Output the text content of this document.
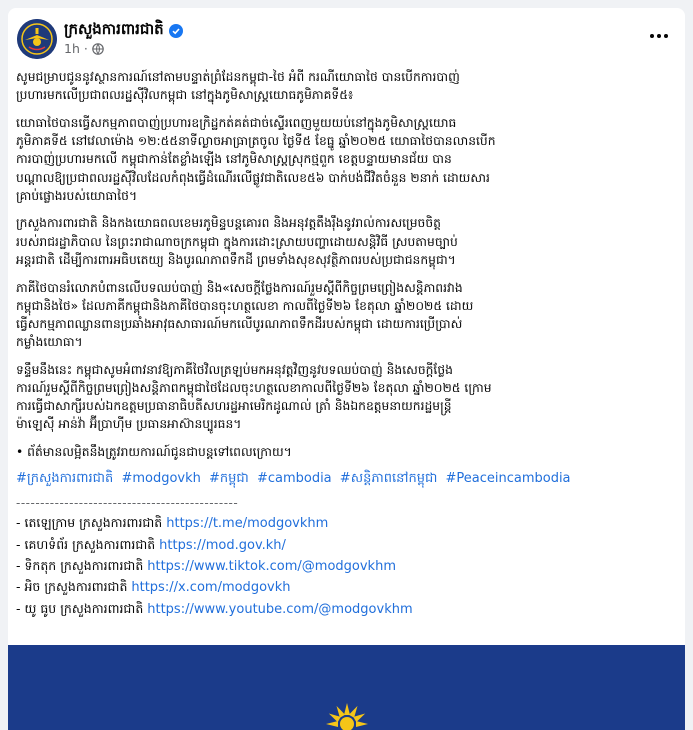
ក្រសួងការពារជាតិ
1h ·

សូមជម្រាបជូននូវស្ថានការណ៍នៅតាមបន្ទាត់ព្រំដែនកម្ពុជា-ថៃ អំពី ករណីយោធាថៃ បានបើកការបាញ់
ប្រហារមកលើប្រជាពលរដ្ឋស៊ីវិលកម្ពុជា នៅក្នុងភូមិសាស្ត្រយោធភូមិភាគទី៥៖

យោធាថៃបានធ្វើសកម្មភាពបាញ់ប្រហារឧក្រិដ្ឋកត់គត់ជាច់ស្ទើរពេញមួយយប់នៅក្នុងភូមិសាស្ត្រយោធ
ភូមិភាគទី៥ នៅវេលាម៉ោង ១២:៥៥នាទីល្ងាចអាធ្រាត្រចូល ថ្ងៃទី៥ ខែធ្នូ ឆ្នាំ២០២៥ យោធាថៃបានលានបើក
ការបាញ់ប្រហារមកលើ កម្ពុជាកាន់តែខ្លាំងឡើង នៅភូមិសាស្ត្រស្រុកថ្មពួក ខេត្តបន្ទាយមានជ័យ បាន
បណ្តាលឱ្យប្រជាពលរដ្ឋស៊ីវិលដែលកំពុងធ្វើដំណើរលើផ្លូវជាតិលេខ៥៦ បាក់បង់ជីវិតចំនួន ២នាក់ ដោយសារ
គ្រាប់ផ្លោងរបស់យោធាថៃ។

ក្រសួងការពារជាតិ និងកងយោធពលខេមរភូមិន្ទបន្តគោរព និងអនុវត្តតឹងរ៉ឹងនូវរាល់ការសម្រេចចិត្ត
របស់រាជរដ្ឋាភិបាល នៃព្រះរាជាណាចក្រកម្ពុជា ក្នុងការដោះស្រាយបញ្ហាដោយសន្តិវិធី ស្របតាមច្បាប់
អន្តរជាតិ ដើម្បីការពារអធិបតេយ្យ និងបូរណភាពទឹកដី ព្រមទាំងសុខសុវត្ថិភាពរបស់ប្រជាជនកម្ពុជា។

ភាគីថៃបានរំលោភបំពានលើបទឈប់បាញ់ និង«សេចក្តីថ្លែងការណ៍រួមស្តីពីកិច្ចព្រមព្រៀងសន្តិភាពរវាង
កម្ពុជានិងថៃ» ដែលភាគីកម្ពុជានិងភាគីថៃបានចុះហត្ថលេខា កាលពីថ្ងៃទី២៦ ខែតុលា ឆ្នាំ២០២៥ ដោយ
ធ្វើសកម្មភាពឈ្លានពានប្រឆាំងអាវុធសាធារណ៍មកលើបូរណភាពទឹកដីរបស់កម្ពុជា ដោយការប្រើប្រាស់
កម្លាំងយោធា។

ទន្ទឹមនឹងនេះ កម្ពុជាសូមអំពាវនាវឱ្យភាគីថៃវិលត្រឡប់មកអនុវត្តវិញនូវបទឈប់បាញ់ និងសេចក្តីថ្លែង
ការណ៍រួមស្តីពីកិច្ចព្រមព្រៀងសន្តិភាពកម្ពុជាថៃដែលចុះហត្ថលេខាកាលពីថ្ងៃទី២៦ ខែតុលា ឆ្នាំ២០២៥ ក្រោម
ការធ្វើជាសាក្សីរបស់ឯកឧត្តមប្រធានាធិបតីសហរដ្ឋអាមេរិកដូណាល់ ត្រាំ និងឯកឧត្តមនាយករដ្ឋមន្ត្រី
ម៉ាឡេស៊ី អាន់វ៉ា អ៊ីប្រាហ៊ីម ប្រធានអាស៊ានប្បូរធន។

• ព័ត៌មានលម្អិតនឹងត្រូវរាយការណ៍ជូនជាបន្តទៅពេលក្រោយ។

#ក្រសួងការពារជាតិ #modgovkh #កម្ពុជា #cambodia #សន្តិភាពនៅកម្ពុជា #Peaceincambodia
----------------------------------------------
- តេឡេក្រាម ក្រសួងការពារជាតិ https://t.me/modgovkhm
- គេហទំព័រ ក្រសួងការពារជាតិ https://mod.gov.kh/
- ទិកតុក ក្រសួងការពារជាតិ https://www.tiktok.com/@modgovkhm
- អិច ក្រសួងការពារជាតិ https://x.com/modgovkh
- យូ ធូប ក្រសួងការពារជាតិ https://www.youtube.com/@modgovkhm
